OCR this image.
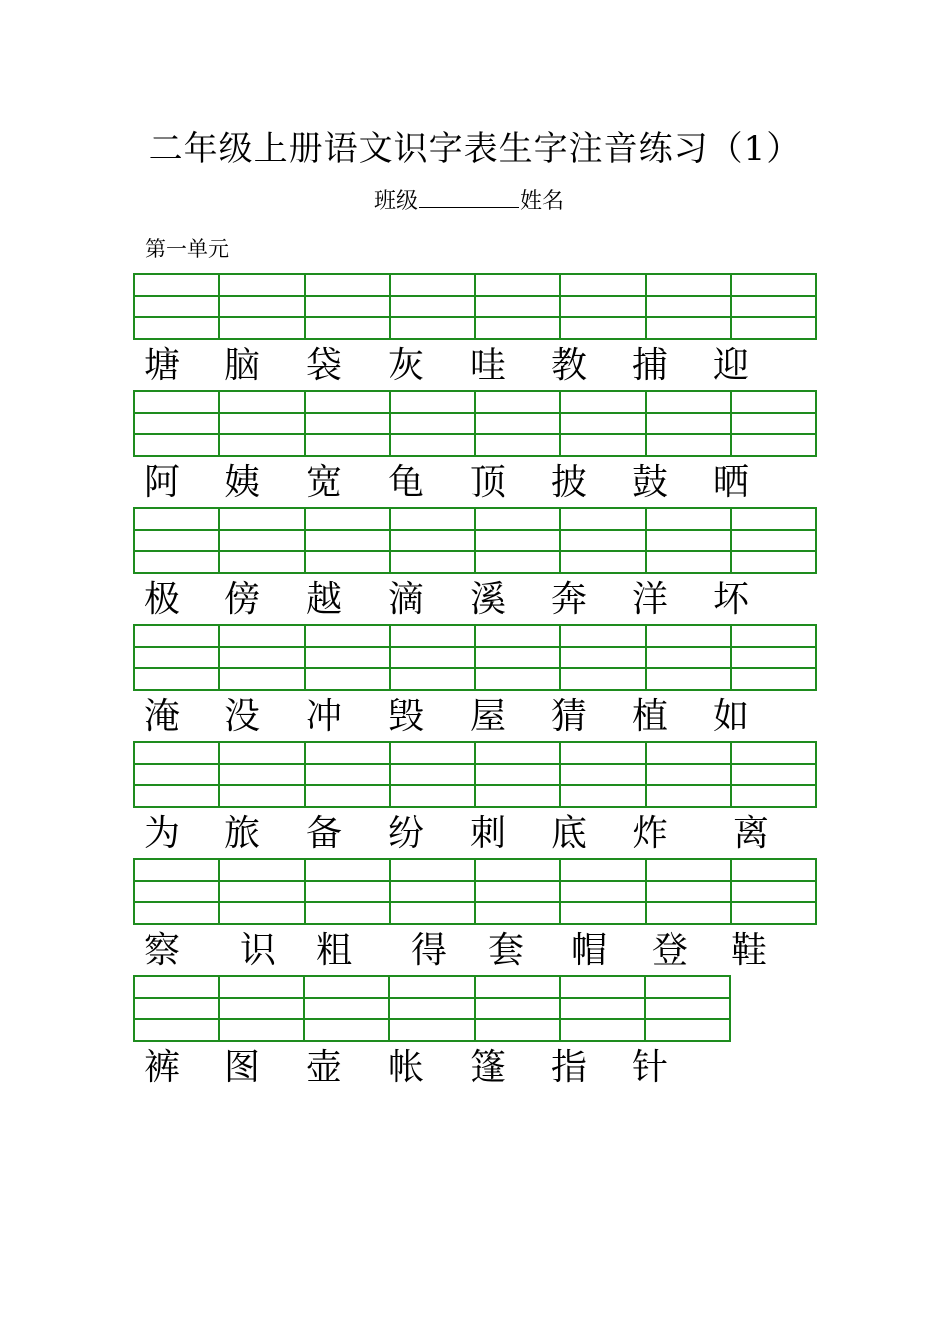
二年级上册语文识字表生字注音练习（1）
班级	姓名
第一单元
塘 脑 袋 灰 哇 教 捕 迎
阿 姨 宽 龟 顶 披 鼓 晒
极 傍 越 滴 溪 奔 洋 坏
淹 没 冲 毁 屋 猜 植 如
为 旅 备 纷 刺 底 炸 离
察 识 粗 得 套 帽 登 鞋
裤 图 壶 帐 篷 指 针
